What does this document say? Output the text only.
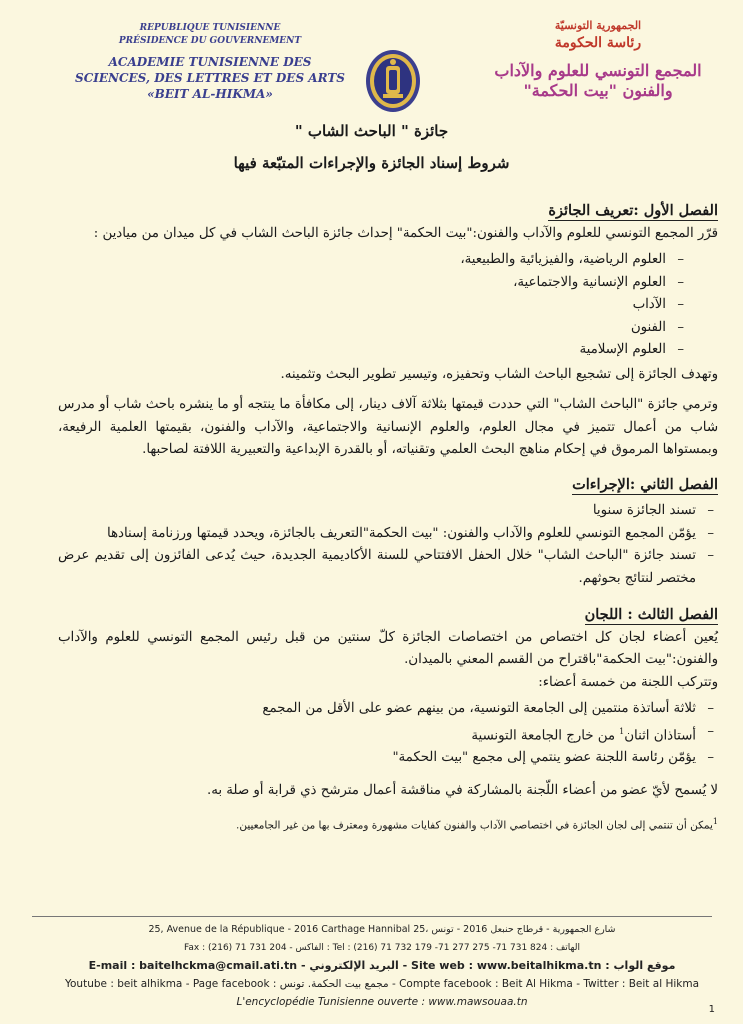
REPUBLIQUE TUNISIENNE
PRÉSIDENCE DU GOUVERNEMENT
ACADEMIE TUNISIENNE DES SCIENCES, DES LETTRES ET DES ARTS «BEIT AL-HIKMA»
الجمهورية التونسيّة
رئاسة الحكومة
المجمع التونسي للعلوم والآداب والفنون "بيت الحكمة"
جائزة " الباحث الشاب "
شروط إسناد الجائزة والإجراءات المتبّعة فيها
الفصل الأول :تعريف الجائزة

قرّر المجمع التونسي للعلوم والآداب والفنون:"بيت الحكمة" إحداث جائزة الباحث الشاب في كل ميدان من ميادين :

– العلوم الرياضية، والفيزيائية والطبيعية،
– العلوم الإنسانية والاجتماعية،
– الآداب
– الفنون
– العلوم الإسلامية

وتهدف الجائزة إلى تشجيع الباحث الشاب وتحفيزه، وتيسير تطوير البحث وتثمينه.

وترمي جائزة "الباحث الشاب" التي حددت قيمتها بثلاثة آلاف دينار، إلى مكافأة ما ينتجه أو ما ينشره باحث شاب أو مدرس شاب من أعمال تتميز في مجال العلوم، والعلوم الإنسانية والاجتماعية، والآداب والفنون، بقيمتها العلمية الرفيعة، وبمستواها المرموق في إحكام مناهج البحث العلمي وتقنياته، أو بالقدرة الإبداعية والتعبيرية اللافتة لصاحبها.

الفصل الثاني :الإجراءات
– تسند الجائزة سنويا
– يؤمّن المجمع التونسي للعلوم والآداب والفنون: "بيت الحكمة"التعريف بالجائزة، ويحدد قيمتها ورزنامة إسنادها
– تسند جائزة "الباحث الشاب" خلال الحفل الافتتاحي للسنة الأكاديمية الجديدة، حيث يُدعى الفائزون إلى تقديم عرض مختصر لنتائج بحوثهم.
الفصل الثالث : اللجان

يُعين أعضاء لجان كل اختصاص من اختصاصات الجائزة كلّ سنتين من قبل رئيس المجمع التونسي للعلوم والآداب والفنون:"بيت الحكمة"باقتراح من القسم المعني بالميدان.

وتتركب اللجنة من خمسة أعضاء:

– ثلاثة أساتذة منتمين إلى الجامعة التونسية، من بينهم عضو على الأقل من المجمع
– أستاذان اثنان$^1$ من خارج الجامعة التونسية
– يؤمّن رئاسة اللجنة عضو ينتمي إلى مجمع "بيت الحكمة"

لا يُسمح لأيّ عضو من أعضاء اللّجنة بالمشاركة في مناقشة أعمال مترشح ذي قرابة أو صلة به.

$^1$يمكن أن تنتمي إلى لجان الجائزة في اختصاصي الآداب والفنون كفايات مشهورة ومعترف بها من غير الجامعيين.
25, Avenue de la République - 2016 Carthage Hannibal 25، شارع الجمهورية - قرطاج حنبعل 2016 - تونس
Fax : (216) 71 731 204 - الفاكس : Tel : (216) 71 732 179 -71 277 275 -71 731 824 : الهاتف
E-mail : baitelhckma@cmail.ati.tn - البريد الإلكتروني - Site web : www.beitalhikma.tn : موقع الواب
Youtube : beit alhikma - Page facebook : مجمع بيت الحكمة. تونس - Compte facebook : Beit Al Hikma - Twitter : Beit al Hikma
L'encyclopédie Tunisienne ouverte : www.mawsouaa.tn
1
